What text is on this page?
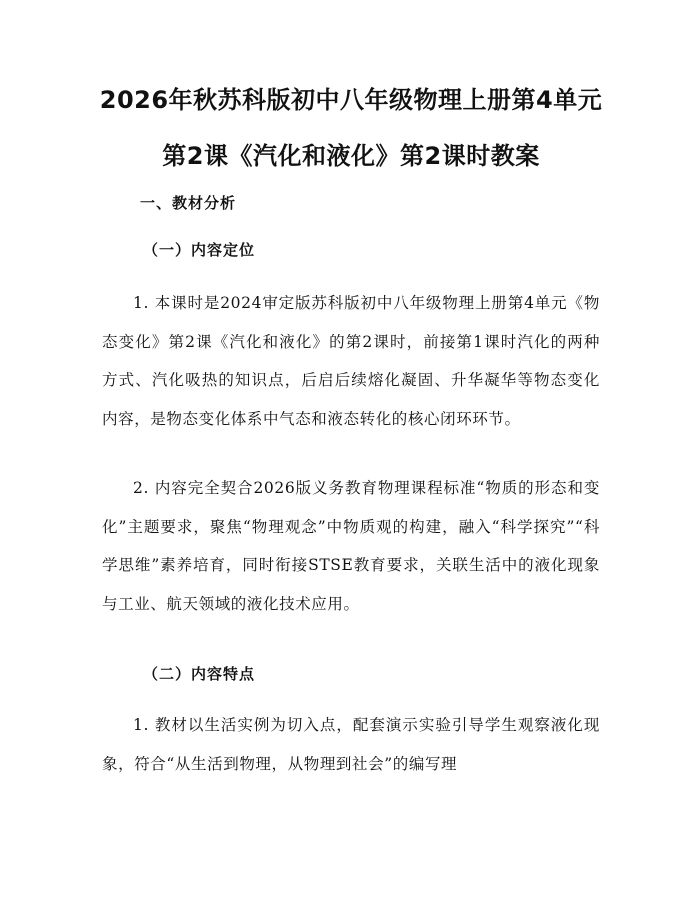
2026年秋苏科版初中八年级物理上册第4单元第2课《汽化和液化》第2课时教案
一、教材分析
（一）内容定位

1. 本课时是2024审定版苏科版初中八年级物理上册第4单元《物态变化》第2课《汽化和液化》的第2课时，前接第1课时汽化的两种方式、汽化吸热的知识点，后启后续熔化凝固、升华凝华等物态变化内容，是物态变化体系中气态和液态转化的核心闭环环节。

2. 内容完全契合2026版义务教育物理课程标准“物质的形态和变化”主题要求，聚焦“物理观念”中物质观的构建，融入“科学探究”“科学思维”素养培育，同时衔接STSE教育要求，关联生活中的液化现象与工业、航天领域的液化技术应用。

（二）内容特点

1. 教材以生活实例为切入点，配套演示实验引导学生观察液化现象，符合“从生活到物理，从物理到社会”的编写理
